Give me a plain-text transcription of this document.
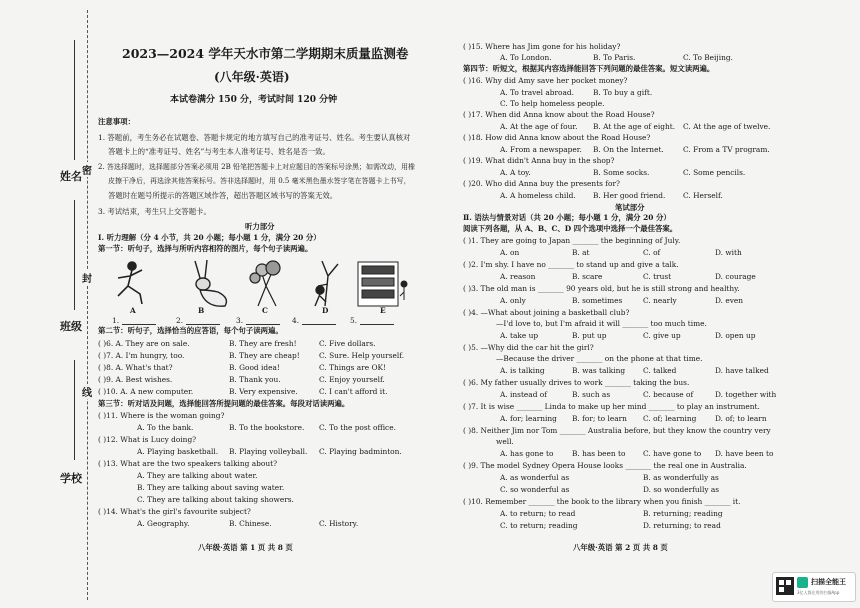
姓名
班级
学校
密
封
线
2023—2024 学年天水市第二学期期末质量监测卷
(八年级·英语)
本试卷满分 150 分，考试时间 120 分钟
注意事项：
1. 答题前，考生务必在试题卷、答题卡规定的地方填写自己的准考证号、姓名。考生要认真核对
答题卡上的“准考证号、姓名”与考生本人准考证号、姓名是否一致。
2. 答选择题时，选择题部分答案必须用 2B 铅笔把答题卡上对应题目的答案标号涂黑；如需改动，用橡
皮擦干净后，再选涂其他答案标号。答非选择题时，用 0.5 毫米黑色墨水签字笔在答题卡上书写，
答题时在题号所提示的答题区域作答，超出答题区域书写的答案无效。
3. 考试结束，考生只上交答题卡。
听力部分
Ⅰ. 听力理解（分 4 小节，共 20 小题；每小题 1 分，满分 20 分）
第一节：听句子，选择与所听内容相符的图片，每个句子读两遍。
A	B	C	D	E
1.	2.	3.	4.	5.
第二节：听句子，选择恰当的应答语，每个句子读两遍。
( )6. A. They are on sale.	B. They are fresh!	C. Five dollars.
( )7. A. I'm hungry, too.	B. They are cheap!	C. Sure. Help yourself.
( )8. A. What's that?	B. Good idea!	C. Things are OK!
( )9. A. Best wishes.	B. Thank you.	C. Enjoy yourself.
( )10. A. A new computer.	B. Very expensive.	C. I can't afford it.
第三节：听对话及问题，选择能回答所提问题的最佳答案。每段对话读两遍。
( )11. Where is the woman going?
A. To the bank.	B. To the bookstore. C. To the post office.
( )12. What is Lucy doing?
A. Playing basketball. B. Playing volleyball. C. Playing badminton.
( )13. What are the two speakers talking about?
A. They are talking about water.
B. They are talking about saving water.
C. They are talking about taking showers.
( )14. What's the girl's favourite subject?
A. Geography.	B. Chinese.	C. History.
八年级·英语 第 1 页 共 8 页
( )15. Where has Jim gone for his holiday?
A. To London.	B. To Paris.	C. To Beijing.
第四节：听短文，根据其内容选择能回答下列问题的最佳答案。短文读两遍。
( )16. Why did Amy save her pocket money?
A. To travel abroad.	B. To buy a gift.
C. To help homeless people.
( )17. When did Anna know about the Road House?
A. At the age of four. B. At the age of eight. C. At the age of twelve.
( )18. How did Anna know about the Road House?
A. From a newspaper. B. On the Internet.	C. From a TV program.
( )19. What didn't Anna buy in the shop?
A. A toy.	B. Some socks.	C. Some pencils.
( )20. Who did Anna buy the presents for?
A. A homeless child. B. Her good friend. C. Herself.
笔试部分
Ⅱ. 语法与情景对话（共 20 小题；每小题 1 分，满分 20 分）
阅读下列各题，从 A、B、C、D 四个选项中选择一个最佳答案。
( )1. They are going to Japan _______ the beginning of July.
A. on	B. at	C. of	D. with
( )2. I'm shy. I have no _______ to stand up and give a talk.
A. reason	B. scare	C. trust	D. courage
( )3. The old man is _______ 90 years old, but he is still strong and healthy.
A. only	B. sometimes	C. nearly	D. even
( )4. —What about joining a basketball club?
—I'd love to, but I'm afraid it will _______ too much time.
A. take up	B. put up	C. give up	D. open up
( )5. —Why did the car hit the girl?
—Because the driver _______ on the phone at that time.
A. is talking	B. was talking C. talked	D. have talked
( )6. My father usually drives to work _______ taking the bus.
A. instead of	B. such as	C. because of	D. together with
( )7. It is wise _______ Linda to make up her mind _______ to play an instrument.
A. for; learning B. for; to learn C. of; learning	D. of; to learn
( )8. Neither Jim nor Tom _______ Australia before, but they know the country very
well.
A. has gone to	B. has been to C. have gone to D. have been to
( )9. The model Sydney Opera House looks _______ the real one in Australia.
A. as wonderful as	B. as wonderfully as
C. so wonderful as	D. so wonderfully as
( )10. Remember _______ the book to the library when you finish _______ it.
A. to return; to read	B. returning; reading
C. to return; reading	D. returning; to read
八年级·英语 第 2 页 共 8 页
扫描全能王
3亿人都在用的扫描App
